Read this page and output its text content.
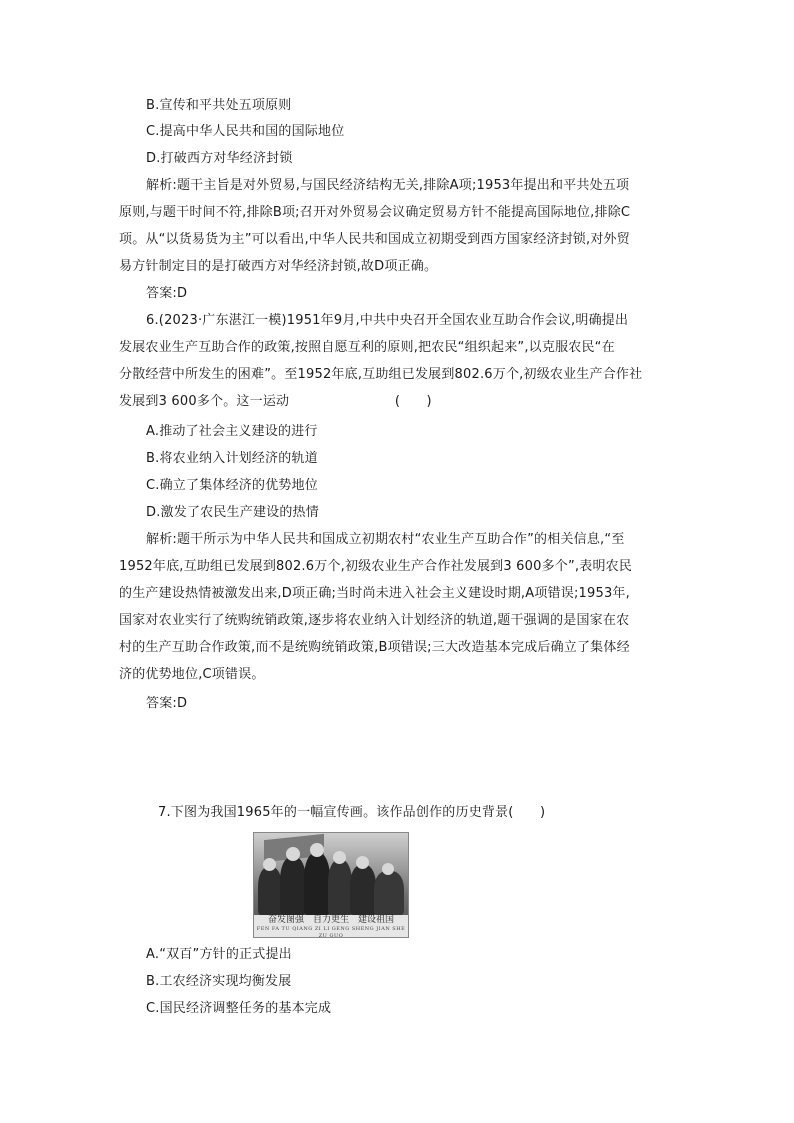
B.宣传和平共处五项原则
C.提高中华人民共和国的国际地位
D.打破西方对华经济封锁
解析:题干主旨是对外贸易,与国民经济结构无关,排除A项;1953年提出和平共处五项
原则,与题干时间不符,排除B项;召开对外贸易会议确定贸易方针不能提高国际地位,排除C
项。从“以货易货为主”可以看出,中华人民共和国成立初期受到西方国家经济封锁,对外贸
易方针制定目的是打破西方对华经济封锁,故D项正确。
答案:D
6.(2023·广东湛江一模)1951年9月,中共中央召开全国农业互助合作会议,明确提出
发展农业生产互助合作的政策,按照自愿互利的原则,把农民“组织起来”,以克服农民“在
分散经营中所发生的困难”。至1952年底,互助组已发展到802.6万个,初级农业生产合作社
发展到3 600多个。这一运动　　　　　　　　(　　)
A.推动了社会主义建设的进行
B.将农业纳入计划经济的轨道
C.确立了集体经济的优势地位
D.激发了农民生产建设的热情
解析:题干所示为中华人民共和国成立初期农村“农业生产互助合作”的相关信息,“至
1952年底,互助组已发展到802.6万个,初级农业生产合作社发展到3 600多个”,表明农民
的生产建设热情被激发出来,D项正确;当时尚未进入社会主义建设时期,A项错误;1953年,
国家对农业实行了统购统销政策,逐步将农业纳入计划经济的轨道,题干强调的是国家在农
村的生产互助合作政策,而不是统购统销政策,B项错误;三大改造基本完成后确立了集体经
济的优势地位,C项错误。
答案:D
7.下图为我国1965年的一幅宣传画。该作品创作的历史背景(　　)
奋发图强　自力更生　建设祖国
FEN FA TU QIANG ZI LI GENG SHENG JIAN SHE ZU GUO
A.“双百”方针的正式提出
B.工农经济实现均衡发展
C.国民经济调整任务的基本完成
